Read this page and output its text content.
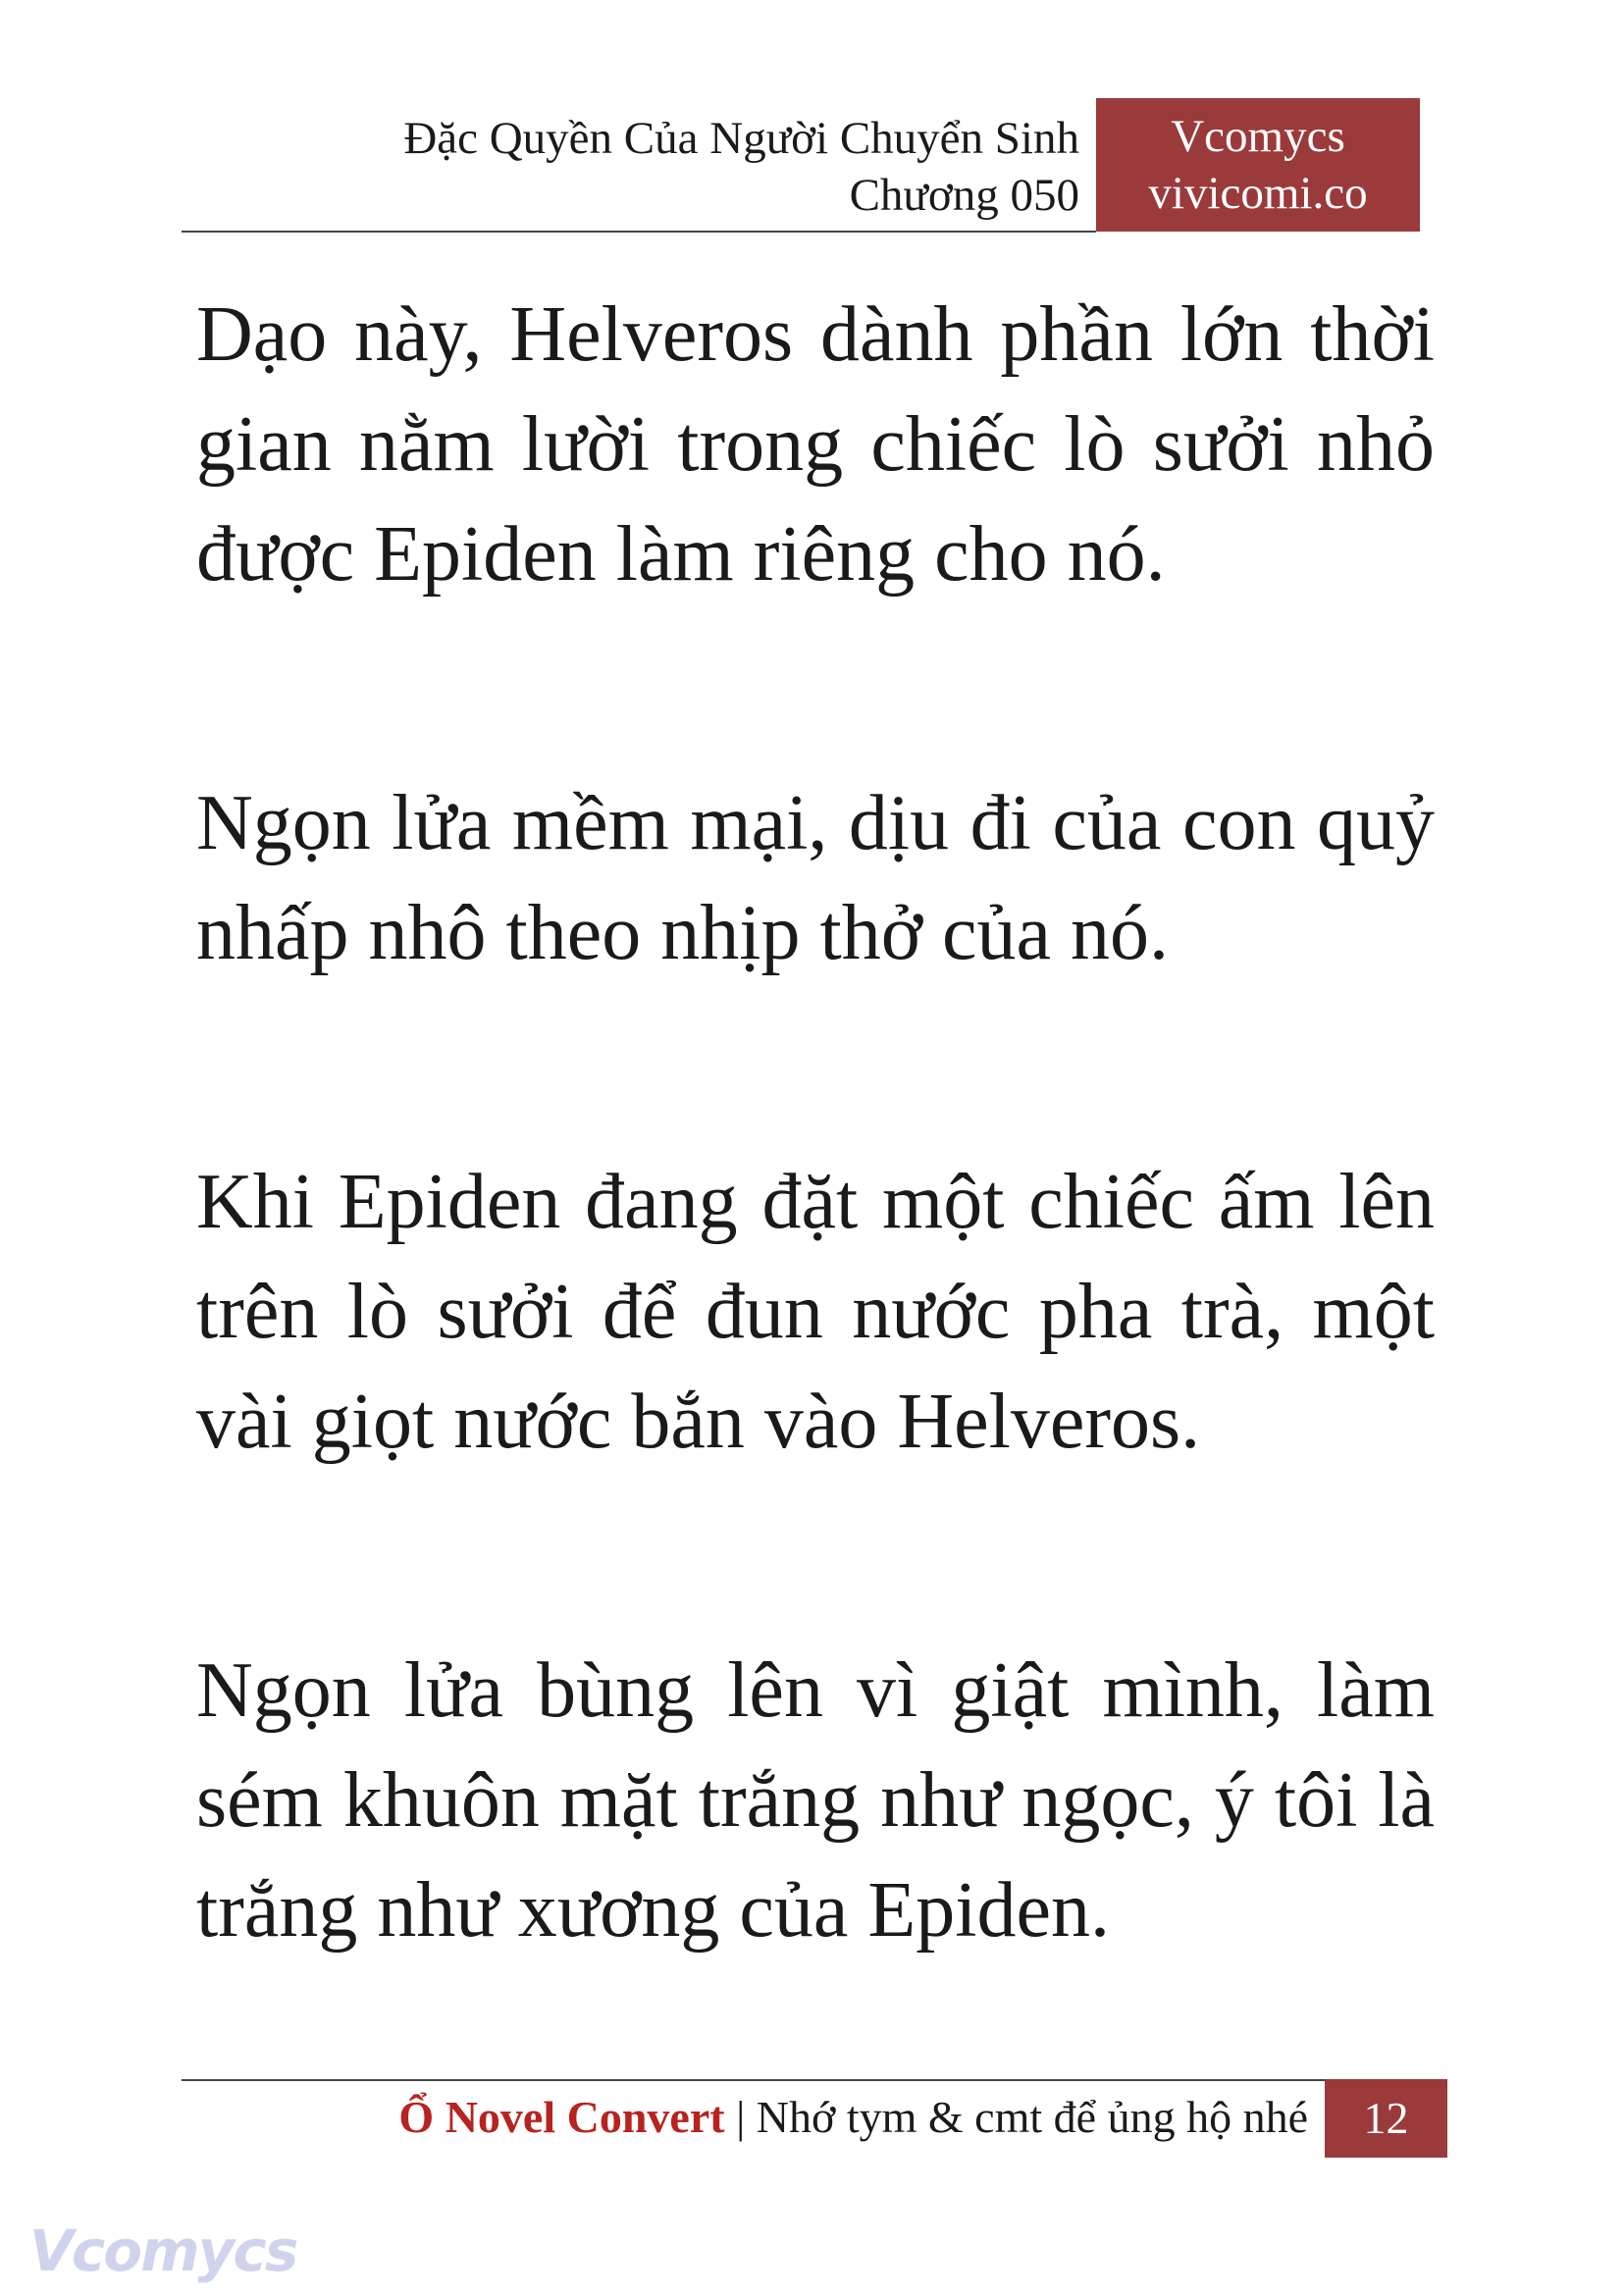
Đặc Quyền Của Người Chuyển Sinh
Chương 050
Vcomycs
vivicomi.co

Dạo này, Helveros dành phần lớn thời gian nằm lười trong chiếc lò sưởi nhỏ được Epiden làm riêng cho nó.

Ngọn lửa mềm mại, dịu đi của con quỷ nhấp nhô theo nhịp thở của nó.

Khi Epiden đang đặt một chiếc ấm lên trên lò sưởi để đun nước pha trà, một vài giọt nước bắn vào Helveros.

Ngọn lửa bùng lên vì giật mình, làm sém khuôn mặt trắng như ngọc, ý tôi là trắng như xương của Epiden.

Ổ Novel Convert | Nhớ tym & cmt để ủng hộ nhé	12
Vcomycs
